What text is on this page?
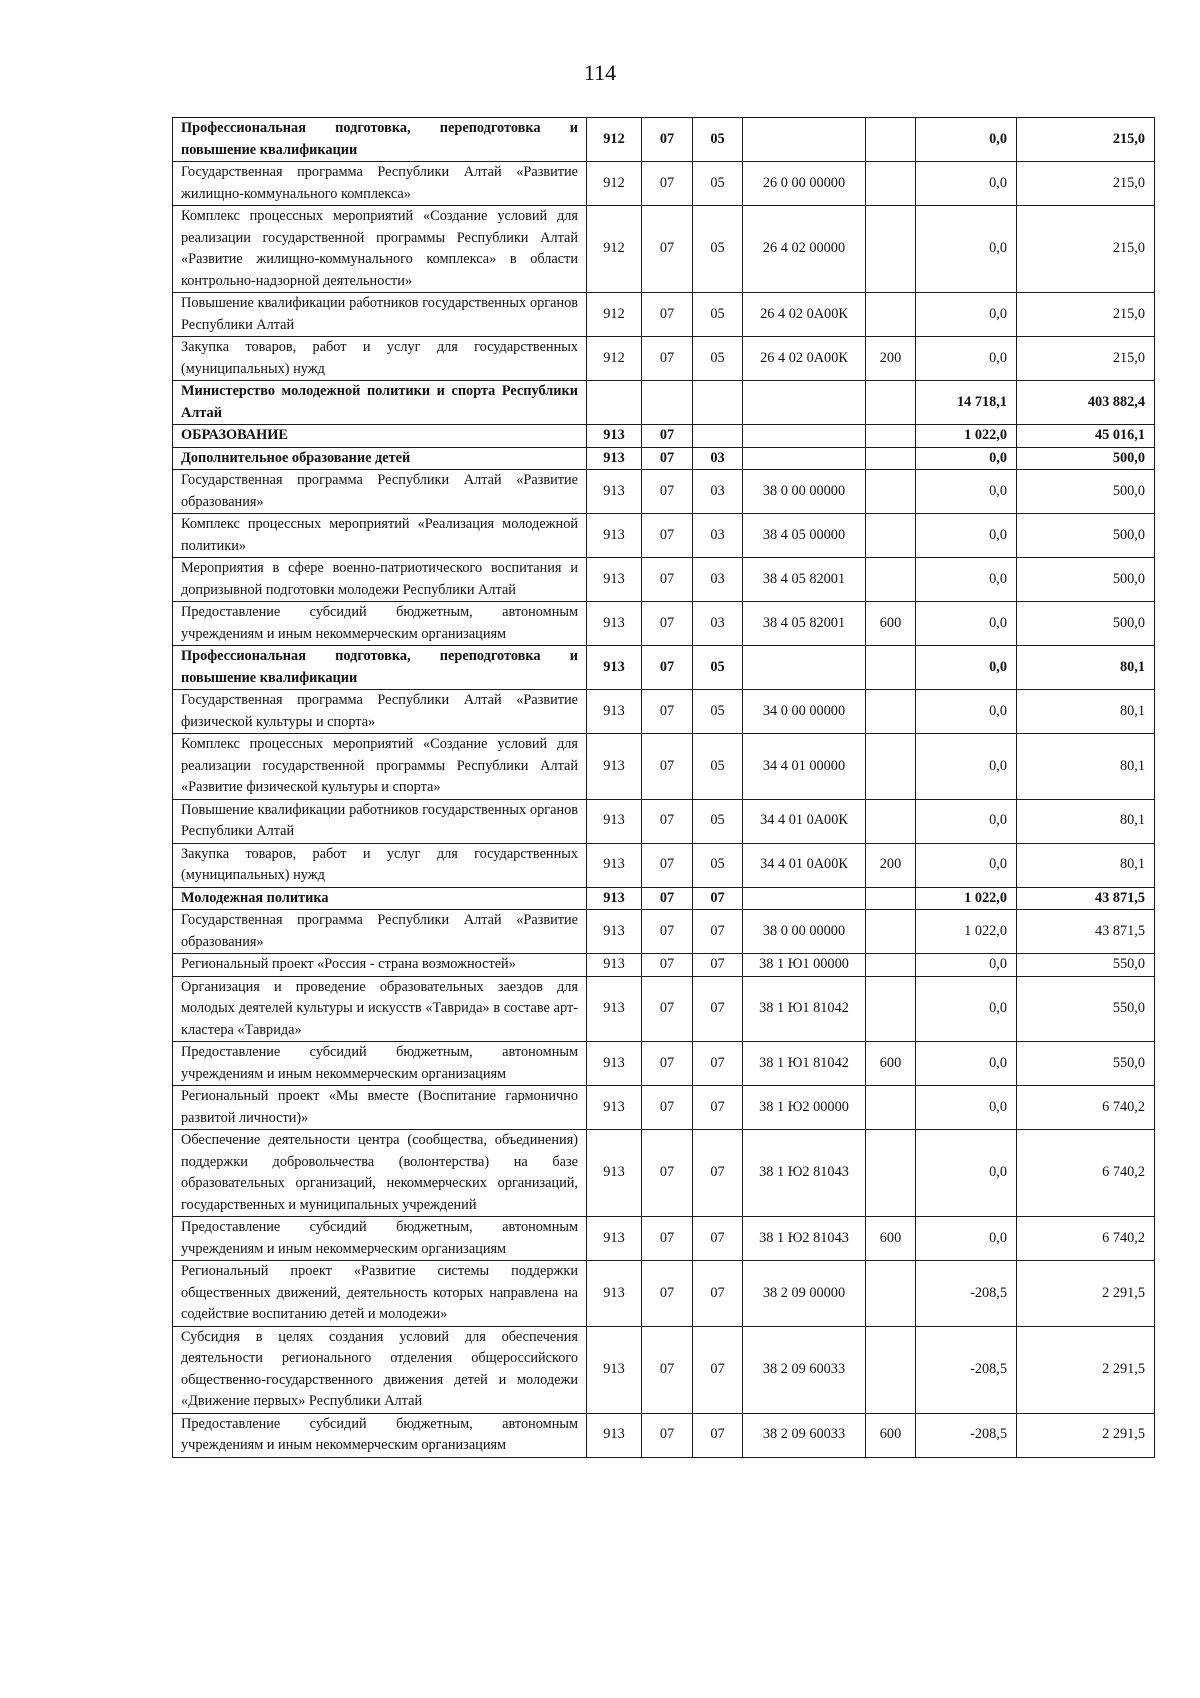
114
Профессиональная подготовка, переподготовка и повышение квалификации	912	07	05			0,0	215,0
Государственная программа Республики Алтай «Развитие жилищно-коммунального комплекса»	912	07	05	26 0 00 00000		0,0	215,0
Комплекс процессных мероприятий «Создание условий для реализации государственной программы Республики Алтай «Развитие жилищно-коммунального комплекса» в области контрольно-надзорной деятельности»	912	07	05	26 4 02 00000		0,0	215,0
Повышение квалификации работников государственных органов Республики Алтай	912	07	05	26 4 02 0А00К		0,0	215,0
Закупка товаров, работ и услуг для государственных (муниципальных) нужд	912	07	05	26 4 02 0А00К	200	0,0	215,0
Министерство молодежной политики и спорта Республики Алтай						14 718,1	403 882,4
ОБРАЗОВАНИЕ	913	07				1 022,0	45 016,1
Дополнительное образование детей	913	07	03			0,0	500,0
Государственная программа Республики Алтай «Развитие образования»	913	07	03	38 0 00 00000		0,0	500,0
Комплекс процессных мероприятий «Реализация молодежной политики»	913	07	03	38 4 05 00000		0,0	500,0
Мероприятия в сфере военно-патриотического воспитания и допризывной подготовки молодежи Республики Алтай	913	07	03	38 4 05 82001		0,0	500,0
Предоставление субсидий бюджетным, автономным учреждениям и иным некоммерческим организациям	913	07	03	38 4 05 82001	600	0,0	500,0
Профессиональная подготовка, переподготовка и повышение квалификации	913	07	05			0,0	80,1
Государственная программа Республики Алтай «Развитие физической культуры и спорта»	913	07	05	34 0 00 00000		0,0	80,1
Комплекс процессных мероприятий «Создание условий для реализации государственной программы Республики Алтай «Развитие физической культуры и спорта»	913	07	05	34 4 01 00000		0,0	80,1
Повышение квалификации работников государственных органов Республики Алтай	913	07	05	34 4 01 0А00К		0,0	80,1
Закупка товаров, работ и услуг для государственных (муниципальных) нужд	913	07	05	34 4 01 0А00К	200	0,0	80,1
Молодежная политика	913	07	07			1 022,0	43 871,5
Государственная программа Республики Алтай «Развитие образования»	913	07	07	38 0 00 00000		1 022,0	43 871,5
Региональный проект «Россия - страна возможностей»	913	07	07	38 1 Ю1 00000		0,0	550,0
Организация и проведение образовательных заездов для молодых деятелей культуры и искусств «Таврида» в составе арт-кластера «Таврида»	913	07	07	38 1 Ю1 81042		0,0	550,0
Предоставление субсидий бюджетным, автономным учреждениям и иным некоммерческим организациям	913	07	07	38 1 Ю1 81042	600	0,0	550,0
Региональный проект «Мы вместе (Воспитание гармонично развитой личности)»	913	07	07	38 1 Ю2 00000		0,0	6 740,2
Обеспечение деятельности центра (сообщества, объединения) поддержки добровольчества (волонтерства) на базе образовательных организаций, некоммерческих организаций, государственных и муниципальных учреждений	913	07	07	38 1 Ю2 81043		0,0	6 740,2
Предоставление субсидий бюджетным, автономным учреждениям и иным некоммерческим организациям	913	07	07	38 1 Ю2 81043	600	0,0	6 740,2
Региональный проект «Развитие системы поддержки общественных движений, деятельность которых направлена на содействие воспитанию детей и молодежи»	913	07	07	38 2 09 00000		-208,5	2 291,5
Субсидия в целях создания условий для обеспечения деятельности регионального отделения общероссийского общественно-государственного движения детей и молодежи «Движение первых» Республики Алтай	913	07	07	38 2 09 60033		-208,5	2 291,5
Предоставление субсидий бюджетным, автономным учреждениям и иным некоммерческим организациям	913	07	07	38 2 09 60033	600	-208,5	2 291,5
